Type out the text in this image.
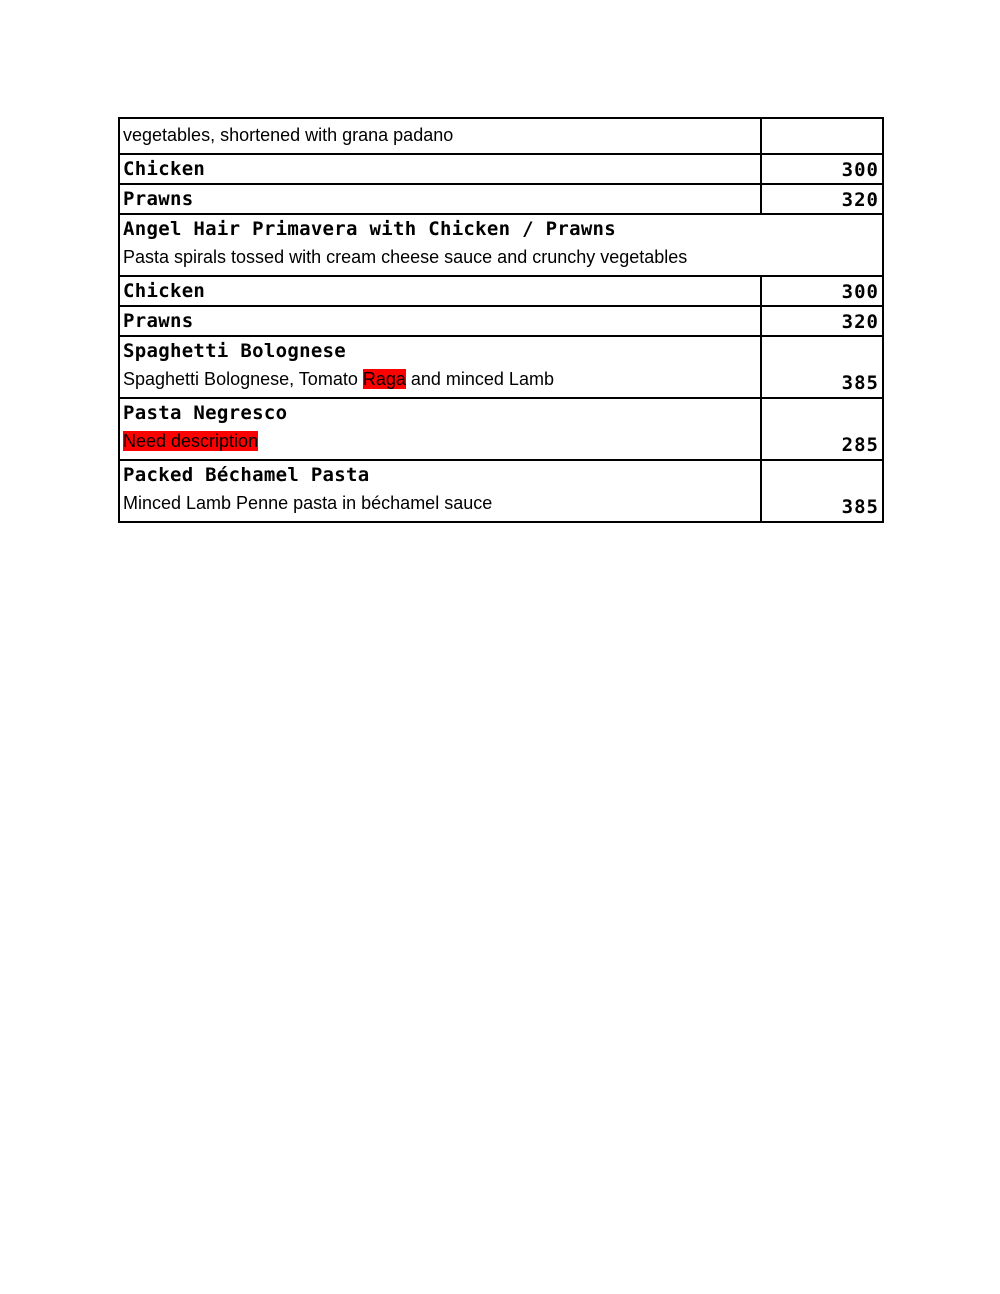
vegetables, shortened with grana padano
Chicken	300
Prawns	320
Angel Hair Primavera with Chicken / Prawns
Pasta spirals tossed with cream cheese sauce and crunchy vegetables
Chicken	300
Prawns	320
Spaghetti Bolognese
Spaghetti Bolognese, Tomato Raga and minced Lamb	385
Pasta Negresco
Need description	285
Packed Béchamel Pasta
Minced Lamb Penne pasta in béchamel sauce	385
